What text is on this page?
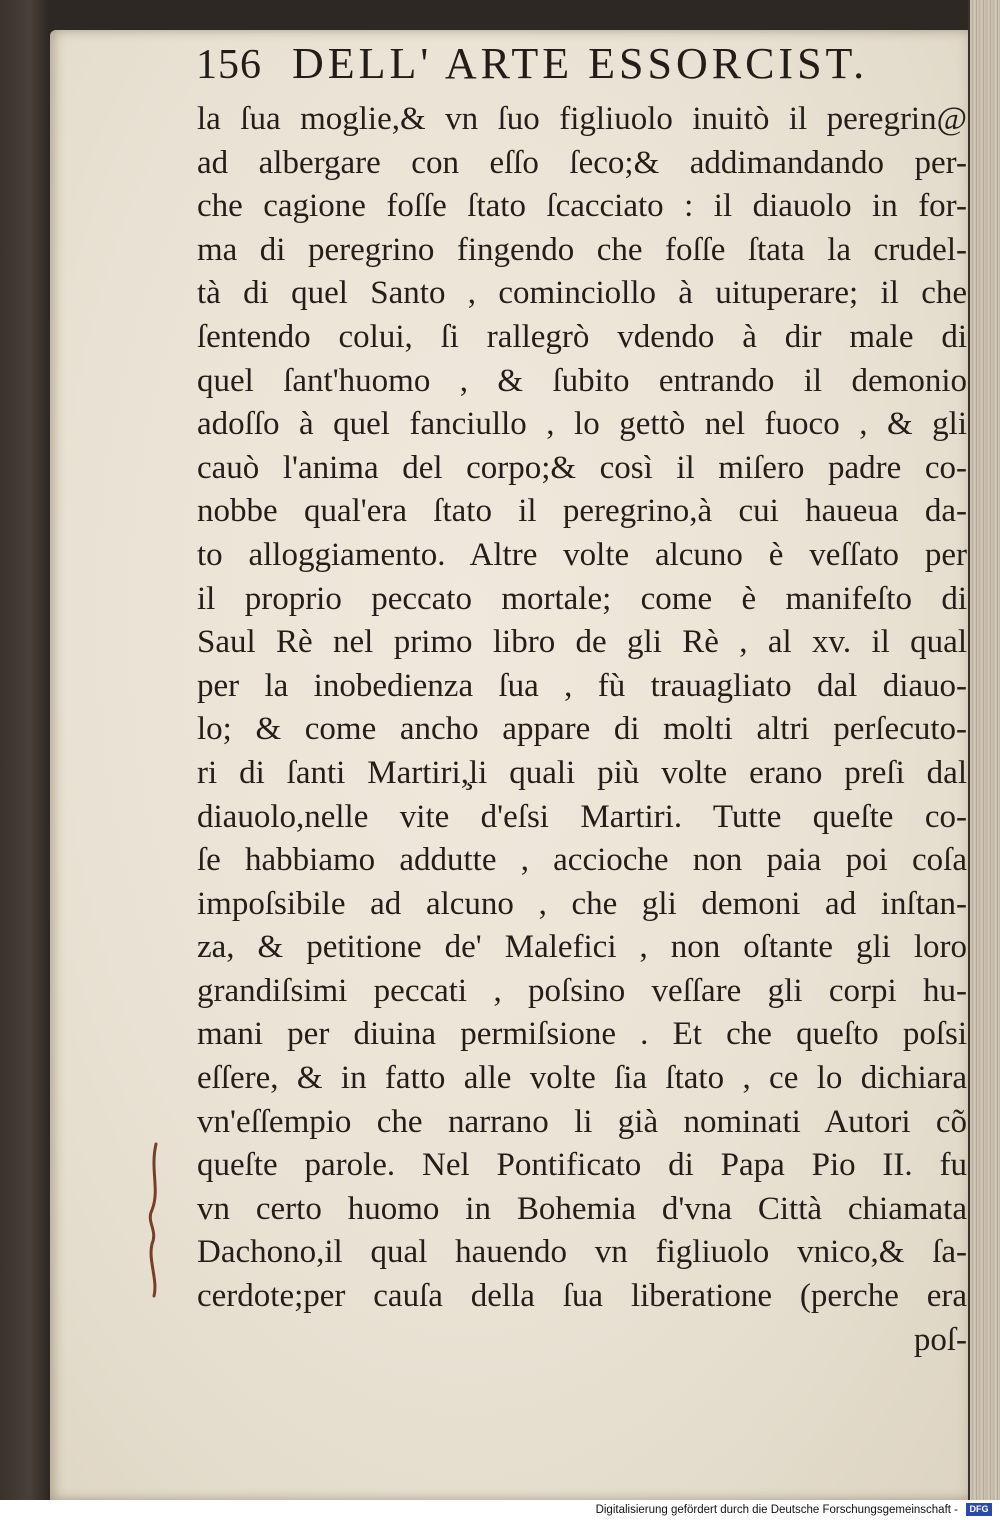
156 DELL' ARTE ESSORCIST.
la ſua moglie,& vn ſuo figliuolo inuitò il peregrin@
ad albergare con eſſo ſeco;& addimandando per-
che cagione foſſe ſtato ſcacciato : il diauolo in for-
ma di peregrino fingendo che foſſe ſtata la crudel-
tà di quel Santo , cominciollo à uituperare; il che
ſentendo colui, ſi rallegrò vdendo à dir male di
quel ſant'huomo , & ſubito entrando il demonio
adoſſo à quel fanciullo , lo gettò nel fuoco , & gli
cauò l'anima del corpo;& così il miſero padre co-
nobbe qual'era ſtato il peregrino,à cui haueua da-
to alloggiamento. Altre volte alcuno è veſſato per
il proprio peccato mortale; come è manifeſto di
Saul Rè nel primo libro de gli Rè , al xv. il qual
per la inobedienza ſua , fù trauagliato dal diauo-
lo; & come ancho appare di molti altri perſecuto-
ri di ſanti Martiri,̧li quali più volte erano preſi dal
diauolo,nelle vite d'eſsi Martiri. Tutte queſte co-
ſe habbiamo addutte , accioche non paia poi coſa
impoſsibile ad alcuno , che gli demoni ad inſtan-
za, & petitione de' Malefici , non oſtante gli loro
grandiſsimi peccati , poſsino veſſare gli corpi hu-
mani per diuina permiſsione . Et che queſto poſsi
eſſere, & in fatto alle volte ſia ſtato , ce lo dichiara
vn'eſſempio che narrano li già nominati Autori cõ
queſte parole. Nel Pontificato di Papa Pio II. fu
vn certo huomo in Bohemia d'vna Città chiamata
Dachono,il qual hauendo vn figliuolo vnico,& ſa-
cerdote;per cauſa della ſua liberatione (perche era
poſ-
Digitalisierung gefördert durch die Deutsche Forschungsgemeinschaft - DFG
